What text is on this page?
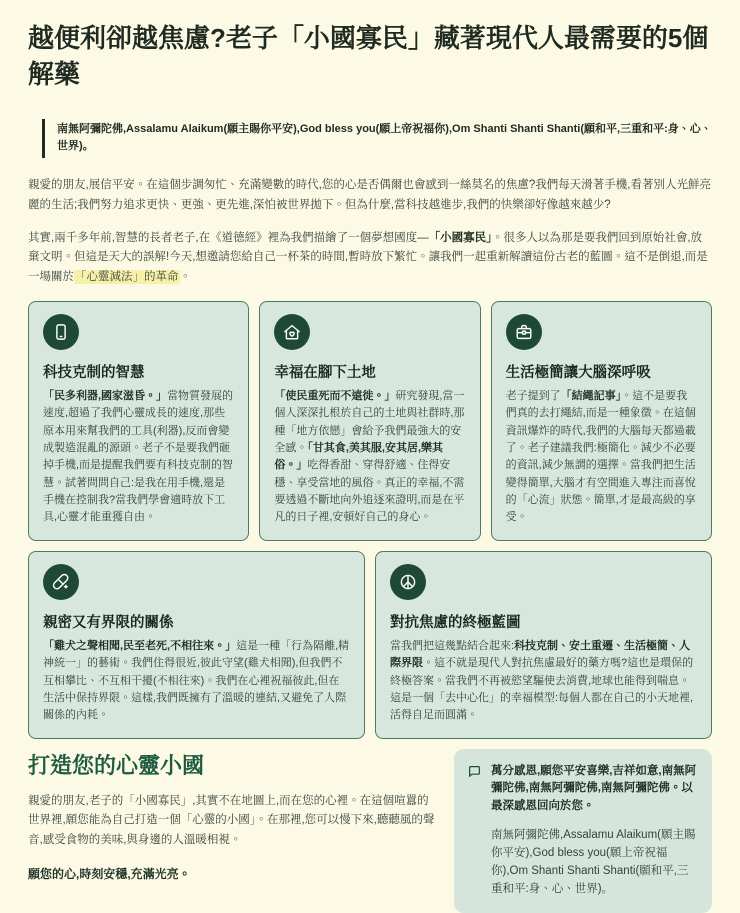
越便利卻越焦慮?老子「小國寡民」藏著現代人最需要的5個解藥

南無阿彌陀佛,Assalamu Alaikum(願主賜你平安),God bless you(願上帝祝福你),Om Shanti Shanti Shanti(願和平,三重和平:身、心、世界)。

親愛的朋友,展信平安。在這個步調匆忙、充滿變數的時代,您的心是否偶爾也會感到一絲莫名的焦慮?我們每天滑著手機,看著別人光鮮亮麗的生活;我們努力追求更快、更強、更先進,深怕被世界拋下。但為什麼,當科技越進步,我們的快樂卻好像越來越少?

其實,兩千多年前,智慧的長者老子,在《道德經》裡為我們描繪了一個夢想國度—「小國寡民」。很多人以為那是要我們回到原始社會,放棄文明。但這是天大的誤解!今天,想邀請您給自己一杯茶的時間,暫時放下繁忙。讓我們一起重新解讀這份古老的藍圖。這不是倒退,而是一場關於「心靈減法」的革命。

科技克制的智慧

「民多利器,國家滋昏。」當物質發展的速度,超過了我們心靈成長的速度,那些原本用來幫我們的工具(利器),反而會變成製造混亂的源頭。老子不是要我們砸掉手機,而是提醒我們要有科技克制的智慧。試著問問自己:是我在用手機,還是手機在控制我?當我們學會適時放下工具,心靈才能重獲自由。

幸福在腳下土地

「使民重死而不遠徙。」研究發現,當一個人深深扎根於自己的土地與社群時,那種「地方依戀」會給予我們最強大的安全感。「甘其食,美其服,安其居,樂其俗。」吃得香甜、穿得舒適、住得安穩、享受當地的風俗。真正的幸福,不需要透過不斷地向外追逐來證明,而是在平凡的日子裡,安頓好自己的身心。

生活極簡讓大腦深呼吸

老子提到了「結繩記事」。這不是要我們真的去打繩結,而是一種象徵。在這個資訊爆炸的時代,我們的大腦每天都過載了。老子建議我們:極簡化。減少不必要的資訊,減少無謂的選擇。當我們把生活變得簡單,大腦才有空間進入專注而喜悅的「心流」狀態。簡單,才是最高級的享受。

親密又有界限的關係

「雞犬之聲相聞,民至老死,不相往來。」這是一種「行為隔離,精神統一」的藝術。我們住得很近,彼此守望(雞犬相聞),但我們不互相攀比、不互相干擾(不相往來)。我們在心裡祝福彼此,但在生活中保持界限。這樣,我們既擁有了溫暖的連結,又避免了人際關係的內耗。

對抗焦慮的終極藍圖

當我們把這幾點結合起來:科技克制、安土重遷、生活極簡、人際界限。這不就是現代人對抗焦慮最好的藥方嗎?這也是環保的終極答案。當我們不再被慾望驅使去消費,地球也能得到喘息。這是一個「去中心化」的幸福模型:每個人都在自己的小天地裡,活得自足而圓滿。

打造您的心靈小國

親愛的朋友,老子的「小國寡民」,其實不在地圖上,而在您的心裡。在這個喧囂的世界裡,願您能為自己打造一個「心靈的小國」。在那裡,您可以慢下來,聽聽風的聲音,感受食物的美味,與身邊的人溫暖相視。

願您的心,時刻安穩,充滿光亮。

萬分感恩,願您平安喜樂,吉祥如意,南無阿彌陀佛,南無阿彌陀佛,南無阿彌陀佛。以最深感恩回向於您。

南無阿彌陀佛,Assalamu Alaikum(願主賜你平安),God bless you(願上帝祝福你),Om Shanti Shanti Shanti(願和平,三重和平:身、心、世界)。
